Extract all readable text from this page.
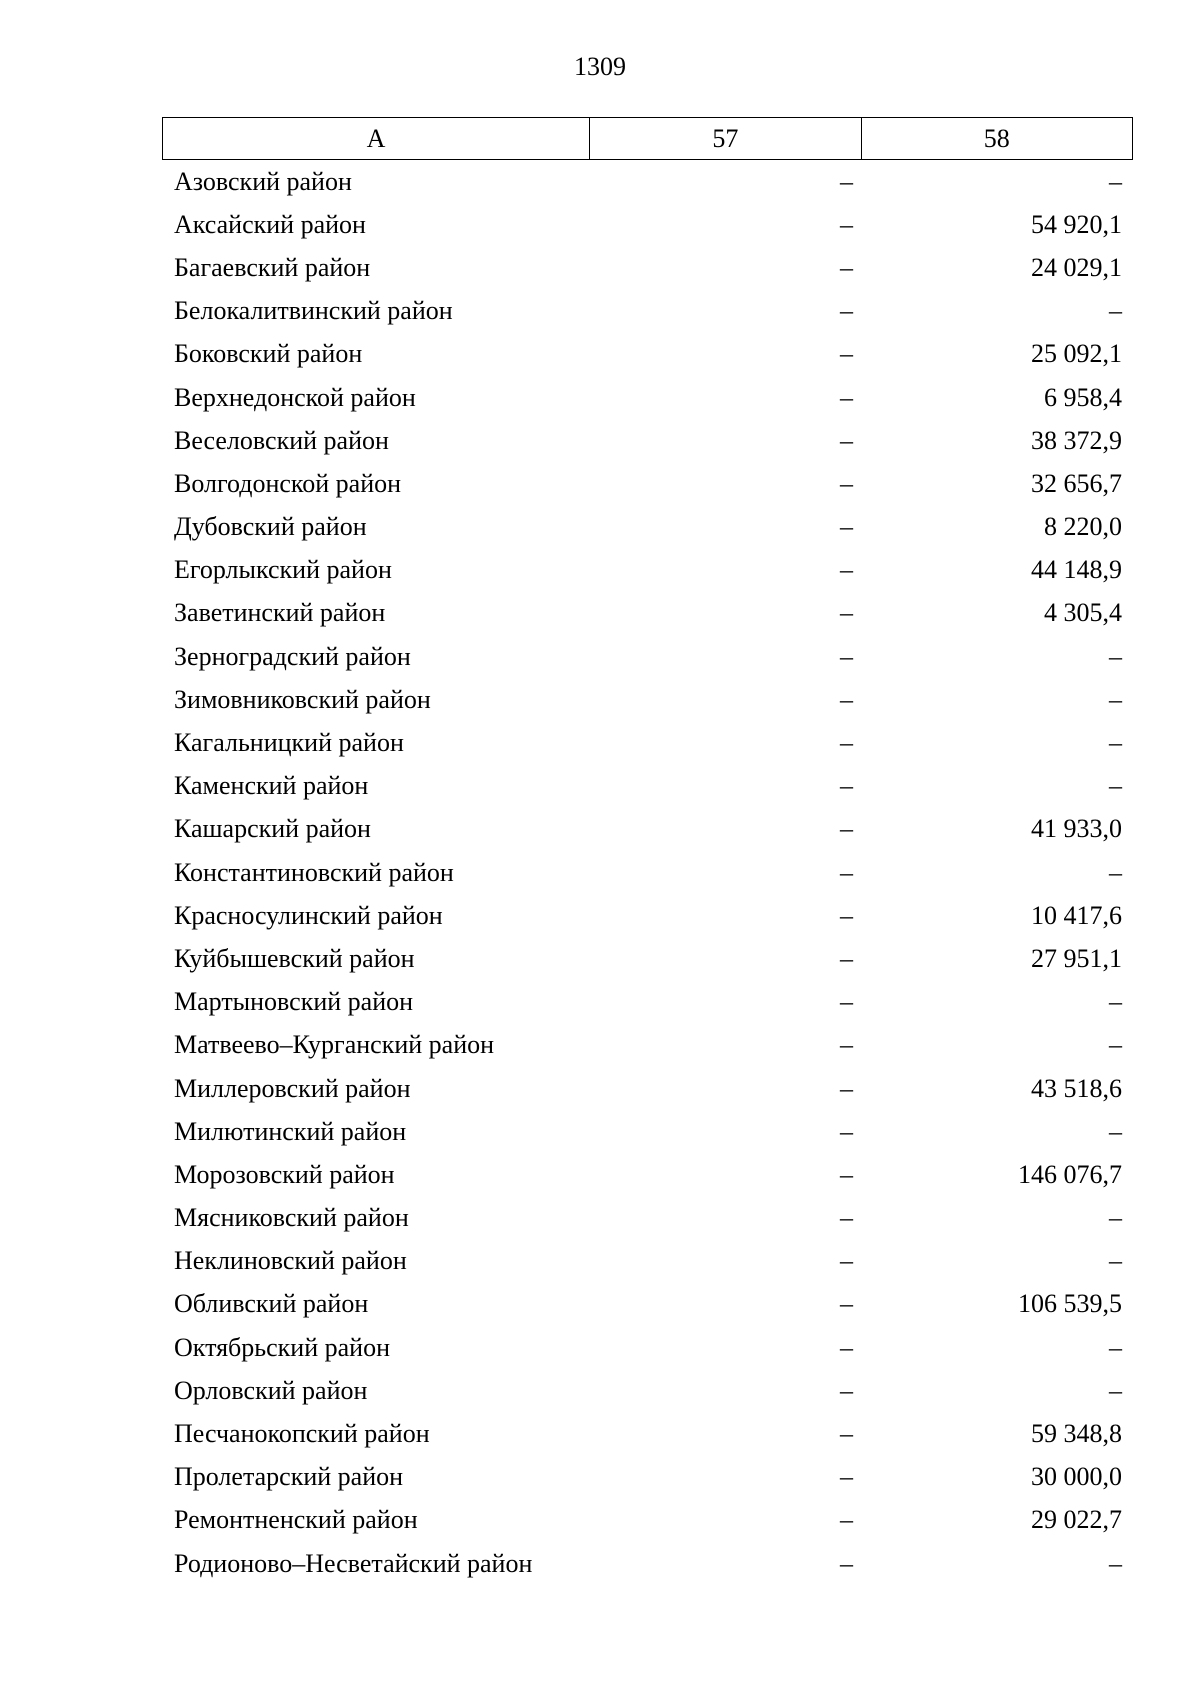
1309
А	57	58
Азовский район	–	–
Аксайский район	–	54 920,1
Багаевский район	–	24 029,1
Белокалитвинский район	–	–
Боковский район	–	25 092,1
Верхнедонской район	–	6 958,4
Веселовский район	–	38 372,9
Волгодонской район	–	32 656,7
Дубовский район	–	8 220,0
Егорлыкский район	–	44 148,9
Заветинский район	–	4 305,4
Зерноградский район	–	–
Зимовниковский район	–	–
Кагальницкий район	–	–
Каменский район	–	–
Кашарский район	–	41 933,0
Константиновский район	–	–
Красносулинский район	–	10 417,6
Куйбышевский район	–	27 951,1
Мартыновский район	–	–
Матвеево–Курганский район	–	–
Миллеровский район	–	43 518,6
Милютинский район	–	–
Морозовский район	–	146 076,7
Мясниковский район	–	–
Неклиновский район	–	–
Обливский район	–	106 539,5
Октябрьский район	–	–
Орловский район	–	–
Песчанокопский район	–	59 348,8
Пролетарский район	–	30 000,0
Ремонтненский район	–	29 022,7
Родионово–Несветайский район	–	–
